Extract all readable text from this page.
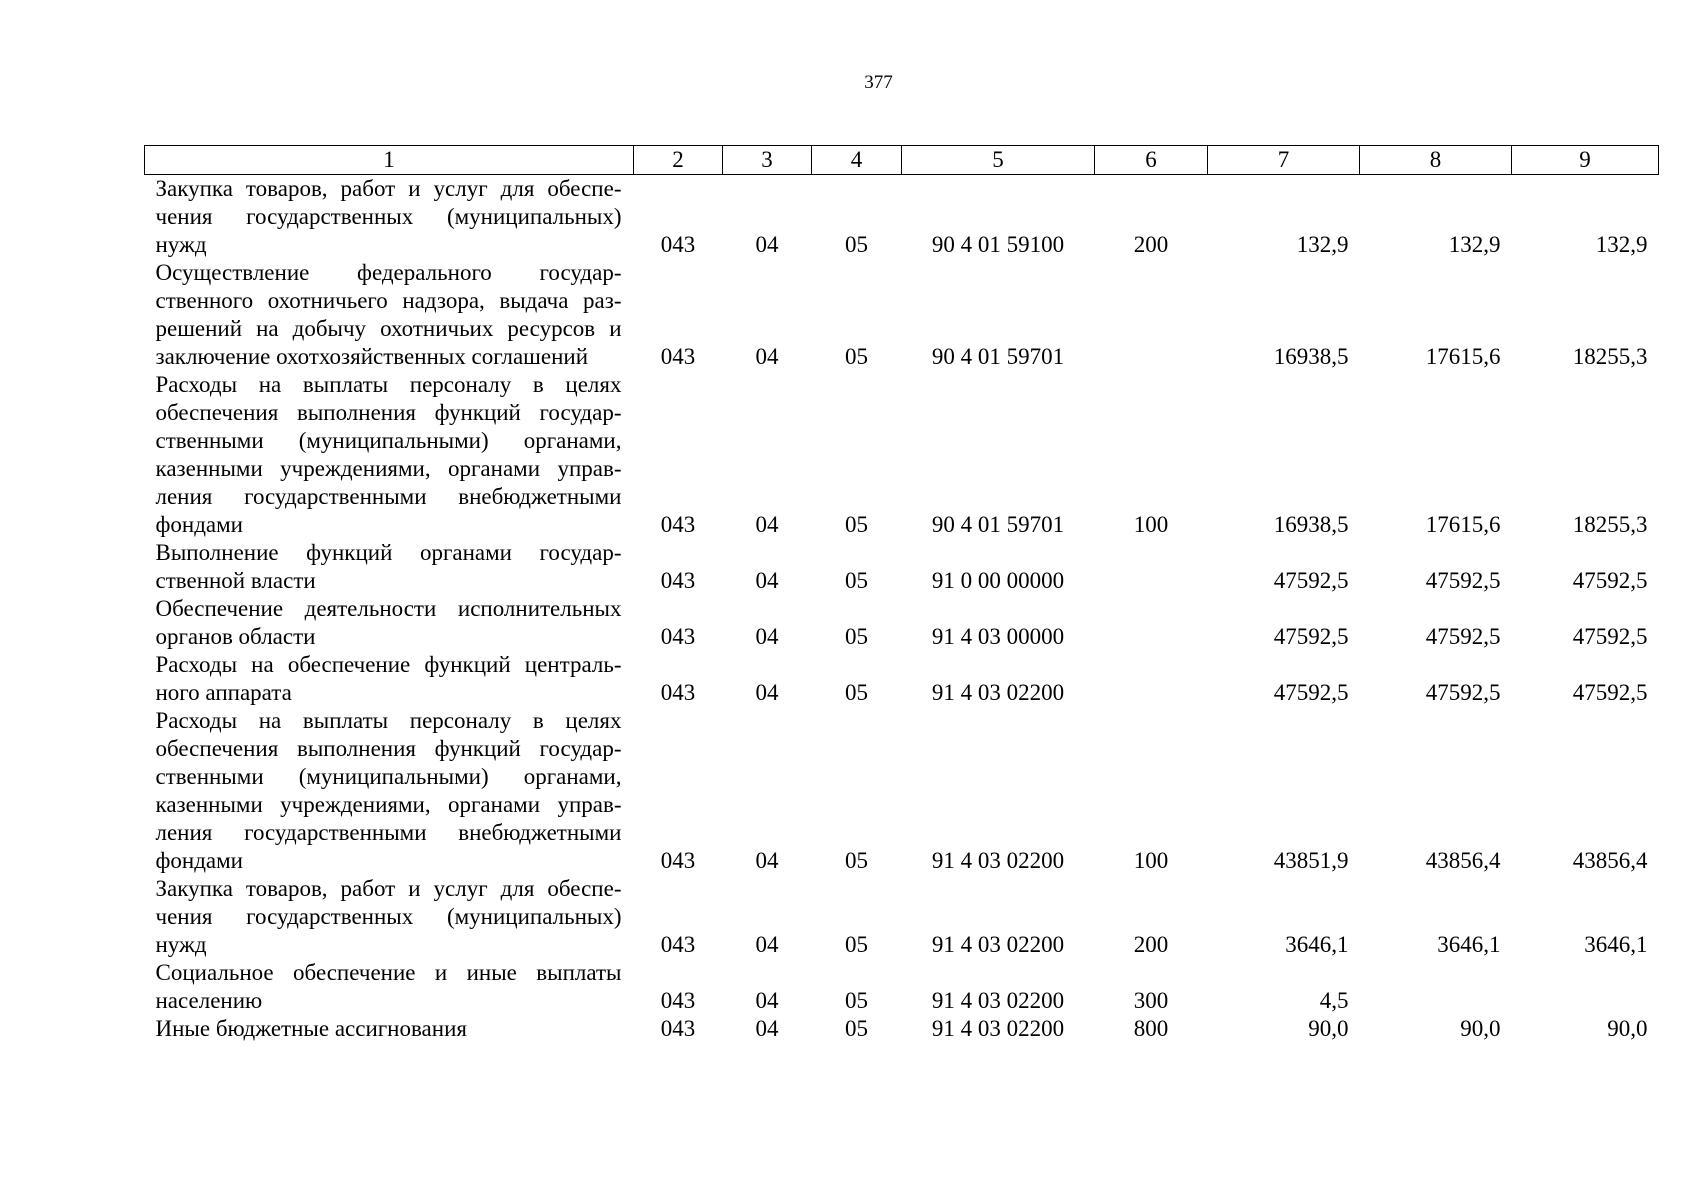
377
1	2	3	4	5	6	7	8	9
Закупка товаров, работ и услуг для обеспечения государственных (муниципальных) нужд	043	04	05	90 4 01 59100	200	132,9	132,9	132,9
Осуществление федерального государственного охотничьего надзора, выдача разрешений на добычу охотничьих ресурсов и заключение охотхозяйственных соглашений	043	04	05	90 4 01 59701		16938,5	17615,6	18255,3
Расходы на выплаты персоналу в целях обеспечения выполнения функций государственными (муниципальными) органами, казенными учреждениями, органами управления государственными внебюджетными фондами	043	04	05	90 4 01 59701	100	16938,5	17615,6	18255,3
Выполнение функций органами государственной власти	043	04	05	91 0 00 00000		47592,5	47592,5	47592,5
Обеспечение деятельности исполнительных органов области	043	04	05	91 4 03 00000		47592,5	47592,5	47592,5
Расходы на обеспечение функций центрального аппарата	043	04	05	91 4 03 02200		47592,5	47592,5	47592,5
Расходы на выплаты персоналу в целях обеспечения выполнения функций государственными (муниципальными) органами, казенными учреждениями, органами управления государственными внебюджетными фондами	043	04	05	91 4 03 02200	100	43851,9	43856,4	43856,4
Закупка товаров, работ и услуг для обеспечения государственных (муниципальных) нужд	043	04	05	91 4 03 02200	200	3646,1	3646,1	3646,1
Социальное обеспечение и иные выплаты населению	043	04	05	91 4 03 02200	300	4,5		
Иные бюджетные ассигнования	043	04	05	91 4 03 02200	800	90,0	90,0	90,0
